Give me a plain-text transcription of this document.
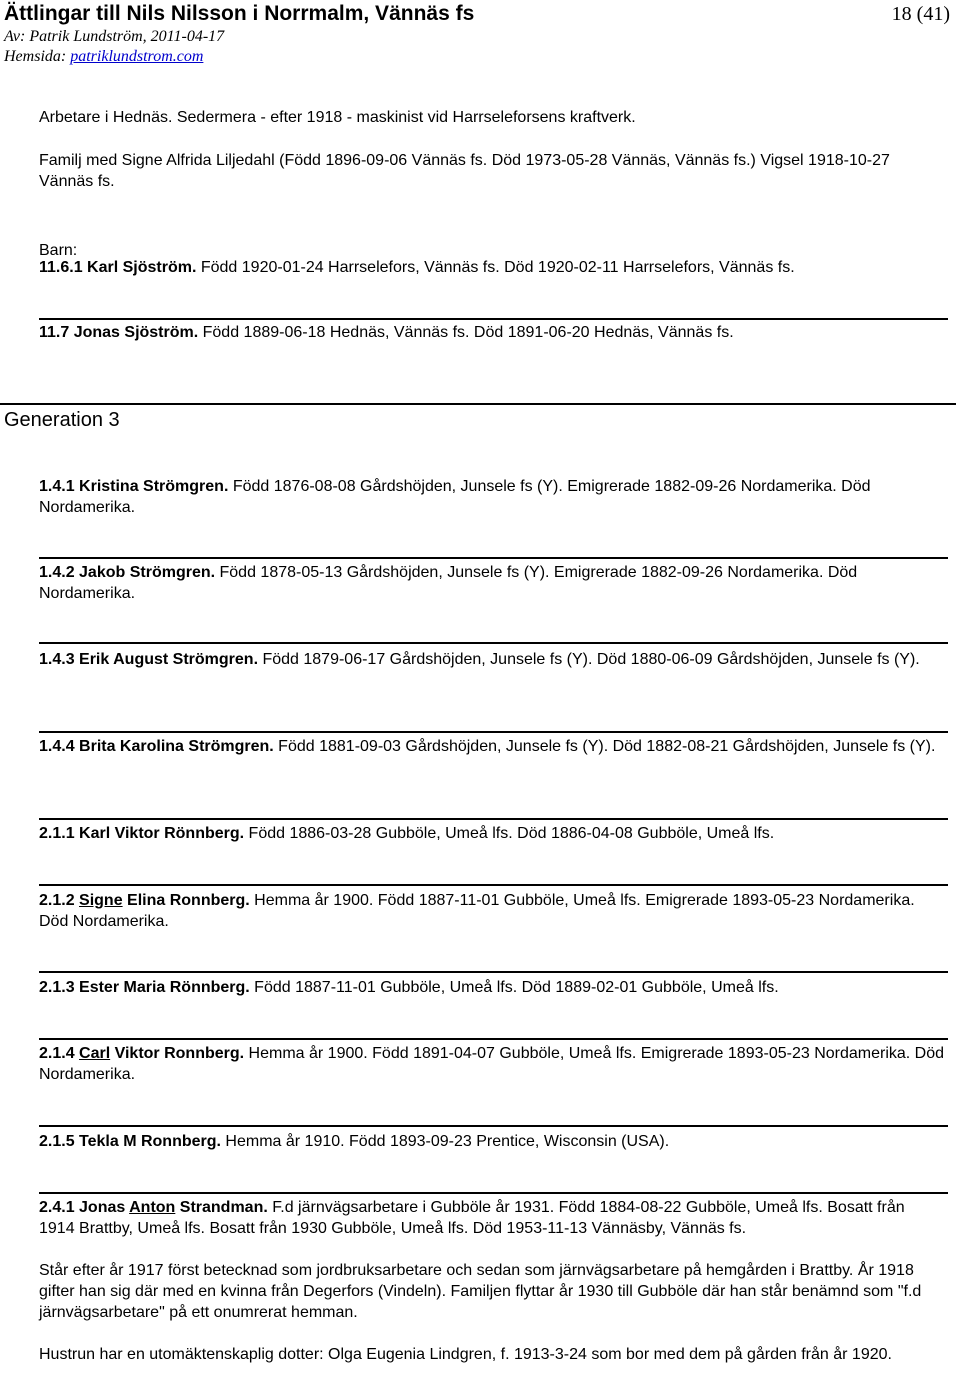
Ättlingar till Nils Nilsson i Norrmalm, Vännäs fs	18 (41)
Av: Patrik Lundström, 2011-04-17
Hemsida: patriklundstrom.com

Arbetare i Hednäs. Sedermera - efter 1918 - maskinist vid Harrseleforsens kraftverk.

Familj med Signe Alfrida Liljedahl (Född 1896-09-06 Vännäs fs. Död 1973-05-28 Vännäs, Vännäs fs.) Vigsel 1918-10-27 Vännäs fs.

Barn:

11.6.1 Karl Sjöström. Född 1920-01-24 Harrselefors, Vännäs fs. Död 1920-02-11 Harrselefors, Vännäs fs.

11.7 Jonas Sjöström. Född 1889-06-18 Hednäs, Vännäs fs. Död 1891-06-20 Hednäs, Vännäs fs.

Generation 3

1.4.1 Kristina Strömgren. Född 1876-08-08 Gårdshöjden, Junsele fs (Y). Emigrerade 1882-09-26 Nordamerika. Död Nordamerika.

1.4.2 Jakob Strömgren. Född 1878-05-13 Gårdshöjden, Junsele fs (Y). Emigrerade 1882-09-26 Nordamerika. Död Nordamerika.

1.4.3 Erik August Strömgren. Född 1879-06-17 Gårdshöjden, Junsele fs (Y). Död 1880-06-09 Gårdshöjden, Junsele fs (Y).

1.4.4 Brita Karolina Strömgren. Född 1881-09-03 Gårdshöjden, Junsele fs (Y). Död 1882-08-21 Gårdshöjden, Junsele fs (Y).

2.1.1 Karl Viktor Rönnberg. Född 1886-03-28 Gubböle, Umeå lfs. Död 1886-04-08 Gubböle, Umeå lfs.

2.1.2 Signe Elina Ronnberg. Hemma år 1900. Född 1887-11-01 Gubböle, Umeå lfs. Emigrerade 1893-05-23 Nordamerika. Död Nordamerika.

2.1.3 Ester Maria Rönnberg. Född 1887-11-01 Gubböle, Umeå lfs. Död 1889-02-01 Gubböle, Umeå lfs.

2.1.4 Carl Viktor Ronnberg. Hemma år 1900. Född 1891-04-07 Gubböle, Umeå lfs. Emigrerade 1893-05-23 Nordamerika. Död Nordamerika.

2.1.5 Tekla M Ronnberg. Hemma år 1910. Född 1893-09-23 Prentice, Wisconsin (USA).

2.4.1 Jonas Anton Strandman. F.d järnvägsarbetare i Gubböle år 1931. Född 1884-08-22 Gubböle, Umeå lfs. Bosatt från 1914 Brattby, Umeå lfs. Bosatt från 1930 Gubböle, Umeå lfs. Död 1953-11-13 Vännäsby, Vännäs fs.

Står efter år 1917 först betecknad som jordbruksarbetare och sedan som järnvägsarbetare på hemgården i Brattby. År 1918 gifter han sig där med en kvinna från Degerfors (Vindeln). Familjen flyttar år 1930 till Gubböle där han står benämnd som "f.d järnvägsarbetare" på ett onumrerat hemman.

Hustrun har en utomäktenskaplig dotter: Olga Eugenia Lindgren, f. 1913-3-24 som bor med dem på gården från år 1920.
